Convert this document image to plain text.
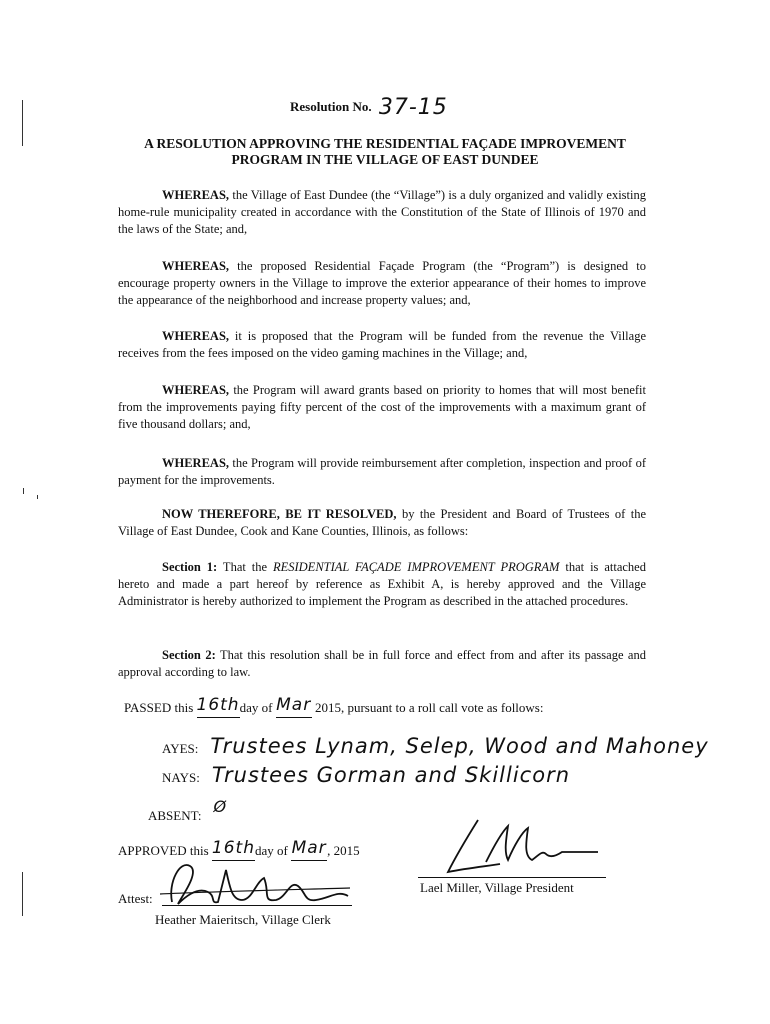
Resolution No. 37-15
A RESOLUTION APPROVING THE RESIDENTIAL FAÇADE IMPROVEMENT
PROGRAM IN THE VILLAGE OF EAST DUNDEE
WHEREAS, the Village of East Dundee (the “Village”) is a duly organized and validly existing home-rule municipality created in accordance with the Constitution of the State of Illinois of 1970 and the laws of the State; and,
WHEREAS, the proposed Residential Façade Program (the “Program”) is designed to encourage property owners in the Village to improve the exterior appearance of their homes to improve the appearance of the neighborhood and increase property values; and,
WHEREAS, it is proposed that the Program will be funded from the revenue the Village receives from the fees imposed on the video gaming machines in the Village; and,
WHEREAS, the Program will award grants based on priority to homes that will most benefit from the improvements paying fifty percent of the cost of the improvements with a maximum grant of five thousand dollars; and,
WHEREAS, the Program will provide reimbursement after completion, inspection and proof of payment for the improvements.
NOW THEREFORE, BE IT RESOLVED, by the President and Board of Trustees of the Village of East Dundee, Cook and Kane Counties, Illinois, as follows:
Section 1: That the RESIDENTIAL FAÇADE IMPROVEMENT PROGRAM that is attached hereto and made a part hereof by reference as Exhibit A, is hereby approved and the Village Administrator is hereby authorized to implement the Program as described in the attached procedures.
Section 2: That this resolution shall be in full force and effect from and after its passage and approval according to law.
PASSED this 16thday of Mar 2015, pursuant to a roll call vote as follows:
AYES: Trustees Lynam, Selep, Wood and Mahoney
NAYS: Trustees Gorman and Skillicorn
ABSENT: Ø
APPROVED this 16thday of Mar, 2015
Attest:
Heather Maieritsch, Village Clerk
Lael Miller, Village President
